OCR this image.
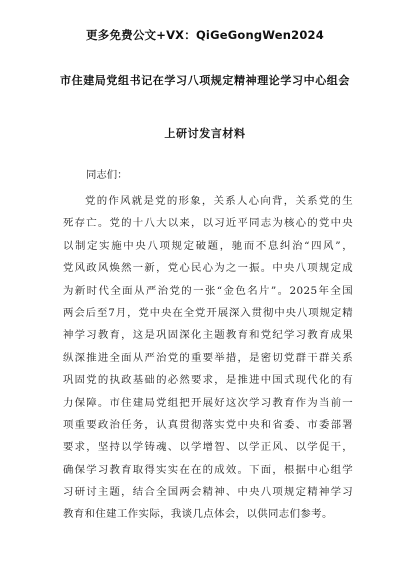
更多免费公文+VX：QiGeGongWen2024
市住建局党组书记在学习八项规定精神理论学习中心组会
上研讨发言材料
同志们：
党的作风就是党的形象，关系人心向背，关系党的生
死存亡。党的十八大以来，以习近平同志为核心的党中央
以制定实施中央八项规定破题，驰而不息纠治“四风”，
党风政风焕然一新，党心民心为之一振。中央八项规定成
为新时代全面从严治党的一张“金色名片”。2025年全国
两会后至7月，党中央在全党开展深入贯彻中央八项规定精
神学习教育，这是巩固深化主题教育和党纪学习教育成果
纵深推进全面从严治党的重要举措，是密切党群干群关系
巩固党的执政基础的必然要求，是推进中国式现代化的有
力保障。市住建局党组把开展好这次学习教育作为当前一
项重要政治任务，认真贯彻落实党中央和省委、市委部署
要求，坚持以学铸魂、以学增智、以学正风、以学促干，
确保学习教育取得实实在在的成效。下面，根据中心组学
习研讨主题，结合全国两会精神、中央八项规定精神学习
教育和住建工作实际，我谈几点体会，以供同志们参考。
